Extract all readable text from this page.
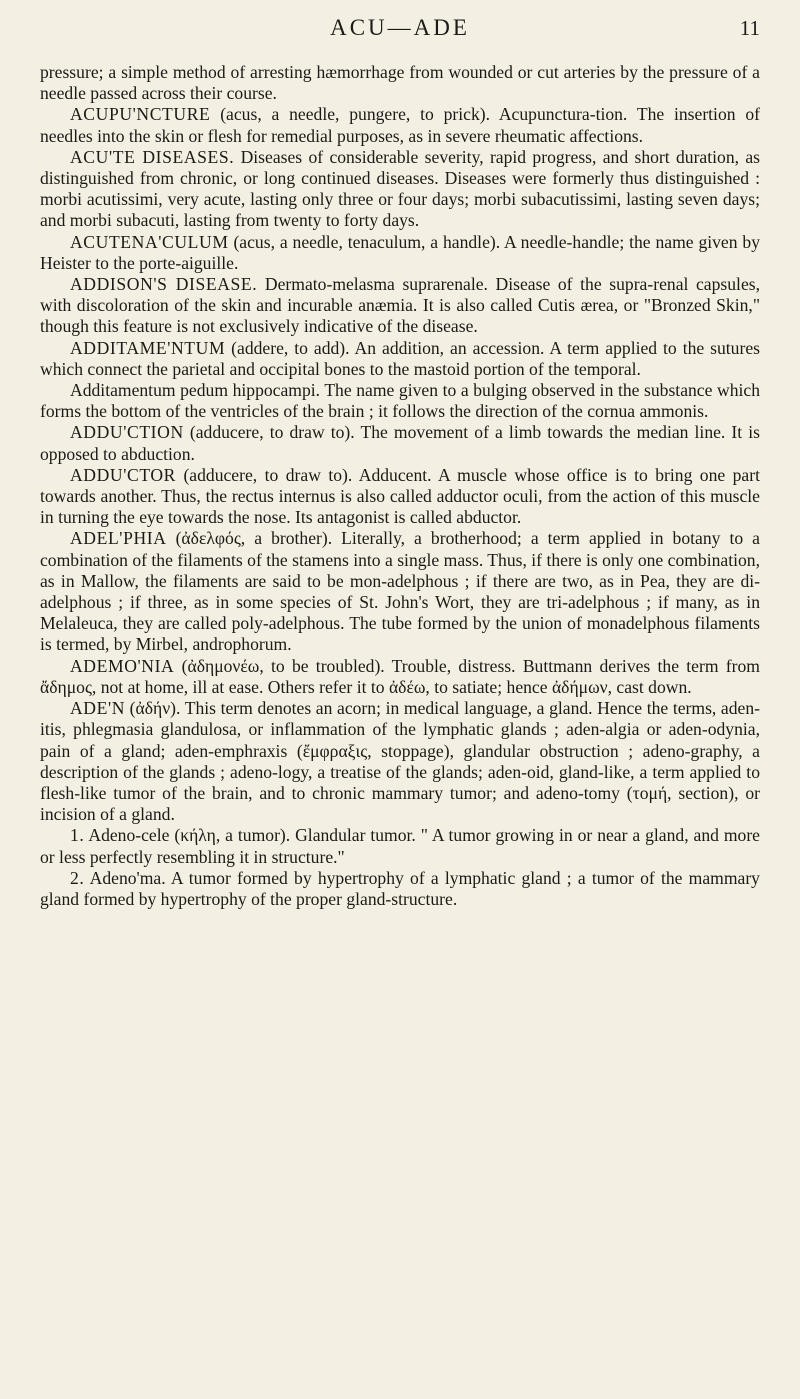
ACU—ADE	11

pressure; a simple method of arresting hæmorrhage from wounded or cut arteries by the pressure of a needle passed across their course.

ACUPU'NCTURE (acus, a needle, pungere, to prick). Acupunctura-tion. The insertion of needles into the skin or flesh for remedial purposes, as in severe rheumatic affections.

ACU'TE DISEASES. Diseases of considerable severity, rapid progress, and short duration, as distinguished from chronic, or long continued diseases. Diseases were formerly thus distinguished : morbi acutissimi, very acute, lasting only three or four days; morbi subacutissimi, lasting seven days; and morbi subacuti, lasting from twenty to forty days.

ACUTENA'CULUM (acus, a needle, tenaculum, a handle). A needle-handle; the name given by Heister to the porte-aiguille.

ADDISON'S DISEASE. Dermato-melasma suprarenale. Disease of the supra-renal capsules, with discoloration of the skin and incurable anæmia. It is also called Cutis ærea, or "Bronzed Skin," though this feature is not exclusively indicative of the disease.

ADDITAME'NTUM (addere, to add). An addition, an accession. A term applied to the sutures which connect the parietal and occipital bones to the mastoid portion of the temporal.

Additamentum pedum hippocampi. The name given to a bulging observed in the substance which forms the bottom of the ventricles of the brain ; it follows the direction of the cornua ammonis.

ADDU'CTION (adducere, to draw to). The movement of a limb towards the median line. It is opposed to abduction.

ADDU'CTOR (adducere, to draw to). Adducent. A muscle whose office is to bring one part towards another. Thus, the rectus internus is also called adductor oculi, from the action of this muscle in turning the eye towards the nose. Its antagonist is called abductor.

ADEL'PHIA (ἀδελφός, a brother). Literally, a brotherhood; a term applied in botany to a combination of the filaments of the stamens into a single mass. Thus, if there is only one combination, as in Mallow, the filaments are said to be mon-adelphous ; if there are two, as in Pea, they are di-adelphous ; if three, as in some species of St. John's Wort, they are tri-adelphous ; if many, as in Melaleuca, they are called poly-adelphous. The tube formed by the union of monadelphous filaments is termed, by Mirbel, androphorum.

ADEMO'NIA (ἀδημονέω, to be troubled). Trouble, distress. Buttmann derives the term from ἄδημος, not at home, ill at ease. Others refer it to ἀδέω, to satiate; hence ἀδήμων, cast down.

ADE'N (ἀδήν). This term denotes an acorn; in medical language, a gland. Hence the terms, aden-itis, phlegmasia glandulosa, or inflammation of the lymphatic glands ; aden-algia or aden-odynia, pain of a gland; aden-emphraxis (ἔμφραξις, stoppage), glandular obstruction ; adeno-graphy, a description of the glands ; adeno-logy, a treatise of the glands; aden-oid, gland-like, a term applied to flesh-like tumor of the brain, and to chronic mammary tumor; and adeno-tomy (τομή, section), or incision of a gland.

1. Adeno-cele (κήλη, a tumor). Glandular tumor. " A tumor growing in or near a gland, and more or less perfectly resembling it in structure."

2. Adeno'ma. A tumor formed by hypertrophy of a lymphatic gland ; a tumor of the mammary gland formed by hypertrophy of the proper gland-structure.
